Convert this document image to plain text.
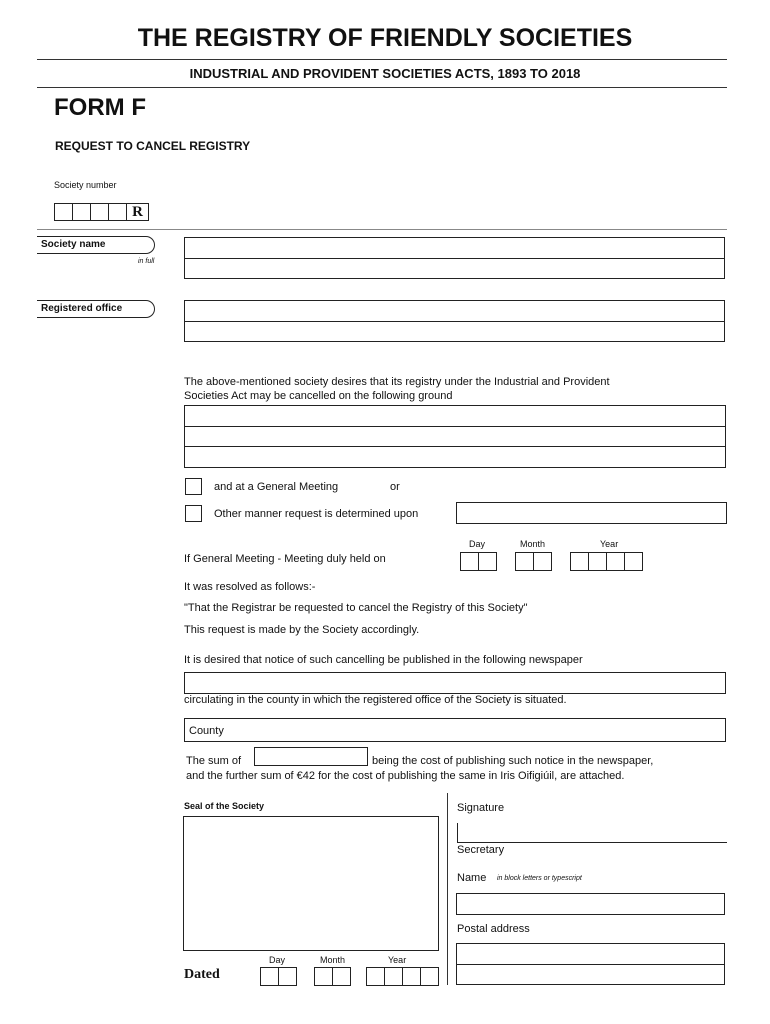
THE REGISTRY OF FRIENDLY SOCIETIES
INDUSTRIAL AND PROVIDENT SOCIETIES ACTS, 1893 TO 2018
FORM F
REQUEST TO CANCEL REGISTRY
Society number
R
Society name
in full
Registered office
The above-mentioned society desires that its registry under the Industrial and Provident
Societies Act may be cancelled on the following ground
and at a General Meeting	or
Other manner request is determined upon
Day	Month	Year
If General Meeting - Meeting duly held on
It was resolved as follows:-
"That the Registrar be requested to cancel the Registry of this Society"
This request is made by the Society accordingly.
It is desired that notice of such cancelling be published in the following newspaper
circulating in the county in which the registered office of the Society is situated.
County
The sum of	being the cost of publishing such notice in the newspaper,
and the further sum of €42 for the cost of publishing the same in Iris Oifigiúil, are attached.
Seal of the Society
Day	Month	Year
Dated
Signature
Secretary
Name in block letters or typescript
Postal address
